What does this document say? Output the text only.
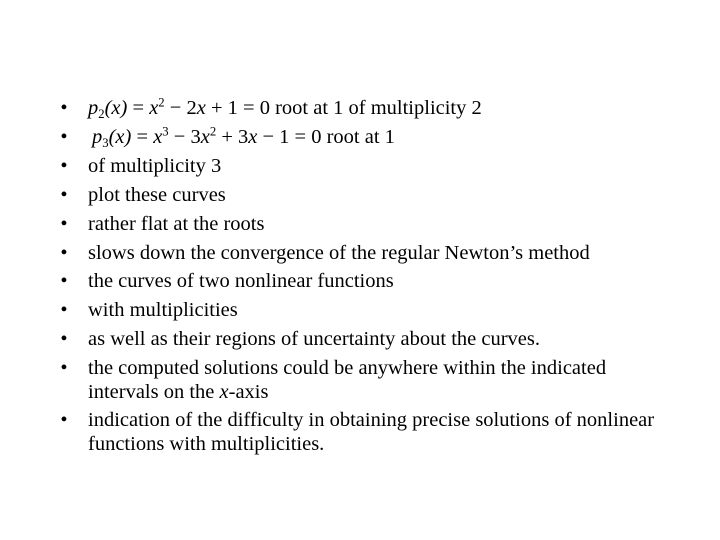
• $p_2(x) = x^2 - 2x + 1 = 0$ root at 1 of multiplicity 2
• $p_3(x) = x^3 - 3x^2 + 3x - 1 = 0$ root at 1
• of multiplicity 3
• plot these curves
• rather flat at the roots
• slows down the convergence of the regular Newton’s method
• the curves of two nonlinear functions
• with multiplicities
• as well as their regions of uncertainty about the curves.
• the computed solutions could be anywhere within the indicated intervals on the x-axis
• indication of the difficulty in obtaining precise solutions of nonlinear functions with multiplicities.
